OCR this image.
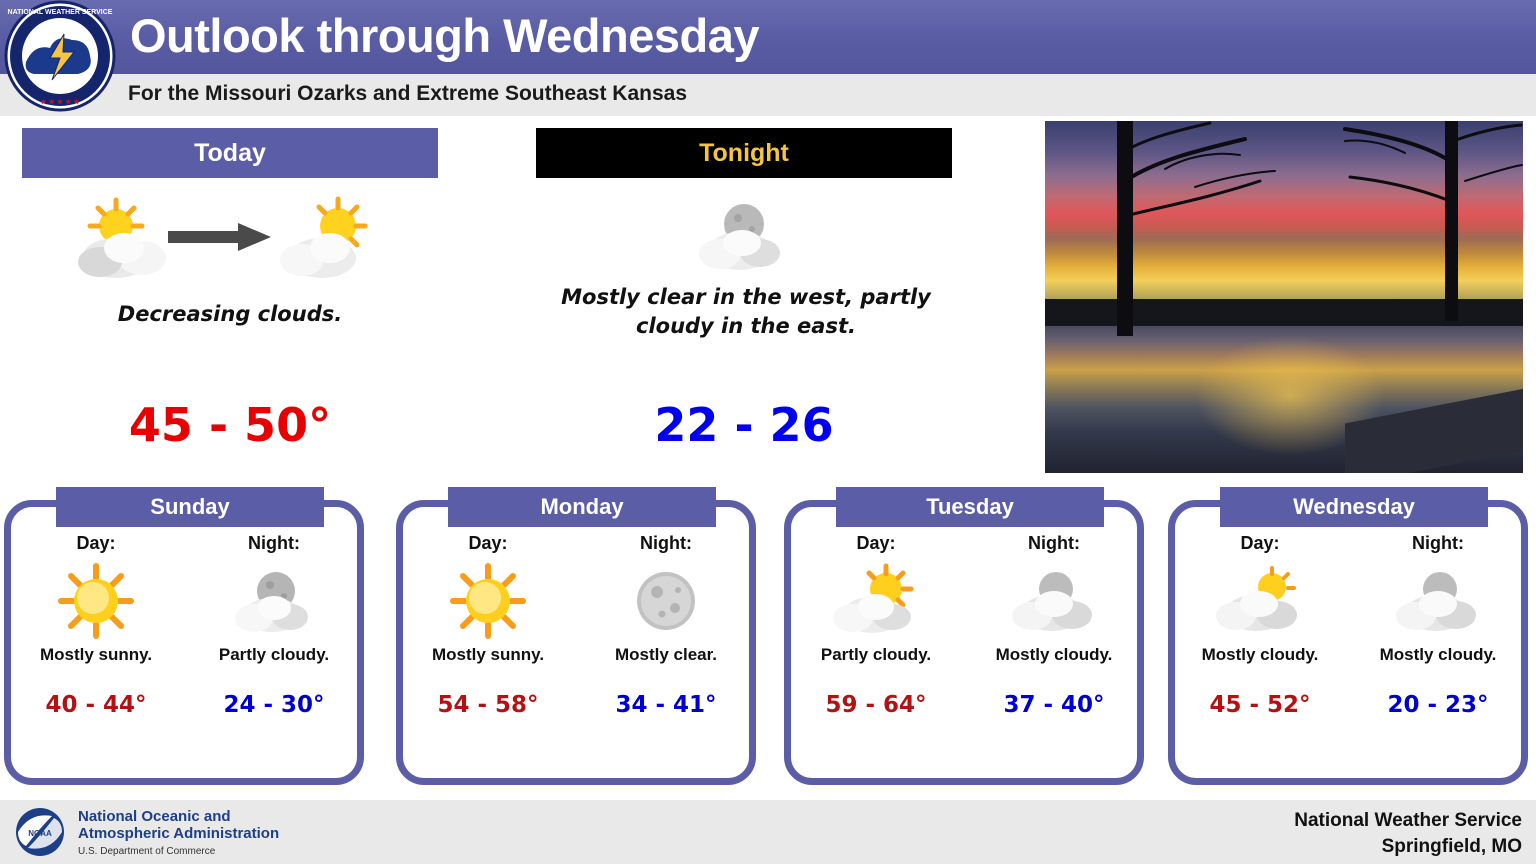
NATIONAL WEATHER SERVICE
★ ★ ★ ★ ★
Outlook through Wednesday
For the Missouri Ozarks and Extreme Southeast Kansas
Today
Decreasing clouds.
45 - 50°
Tonight
Mostly clear in the west, partly cloudy in the east.
22 - 26
Sunday
Day:
Mostly sunny.
40 - 44°
Night:
Partly cloudy.
24 - 30°
Monday
Day:
Mostly sunny.
54 - 58°
Night:
Mostly clear.
34 - 41°
Tuesday
Day:
Partly cloudy.
59 - 64°
Night:
Mostly cloudy.
37 - 40°
Wednesday
Day:
Mostly cloudy.
45 - 52°
Night:
Mostly cloudy.
20 - 23°
NOAA
National Oceanic and
Atmospheric Administration
U.S. Department of Commerce
National Weather Service
Springfield, MO
